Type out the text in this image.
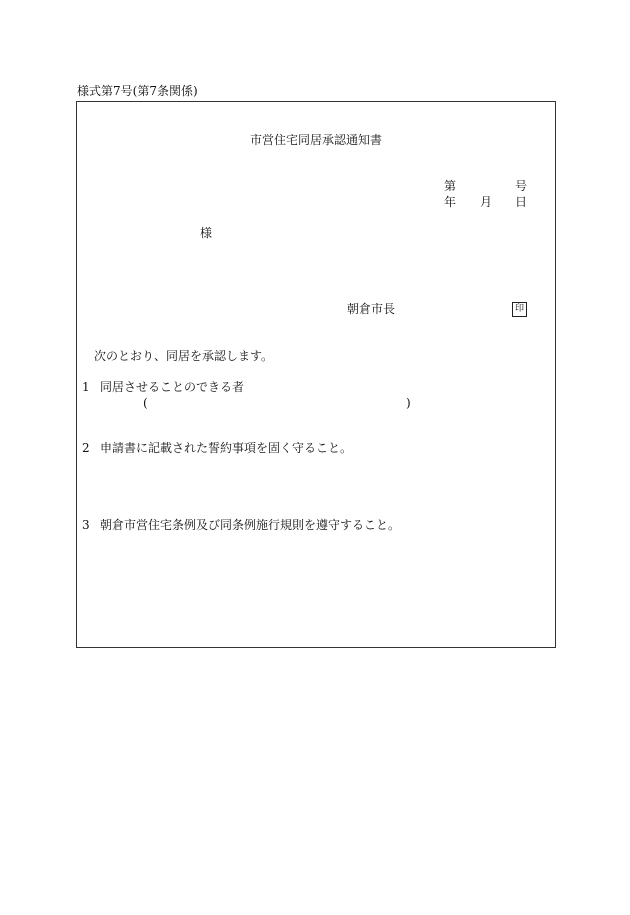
様式第7号(第7条関係)
市営住宅同居承認通知書
第	号
年 月 日
様
朝倉市長	印
次のとおり、同居を承認します。
1 同居させることのできる者
(	)
2 申請書に記載された誓約事項を固く守ること。
3 朝倉市営住宅条例及び同条例施行規則を遵守すること。
